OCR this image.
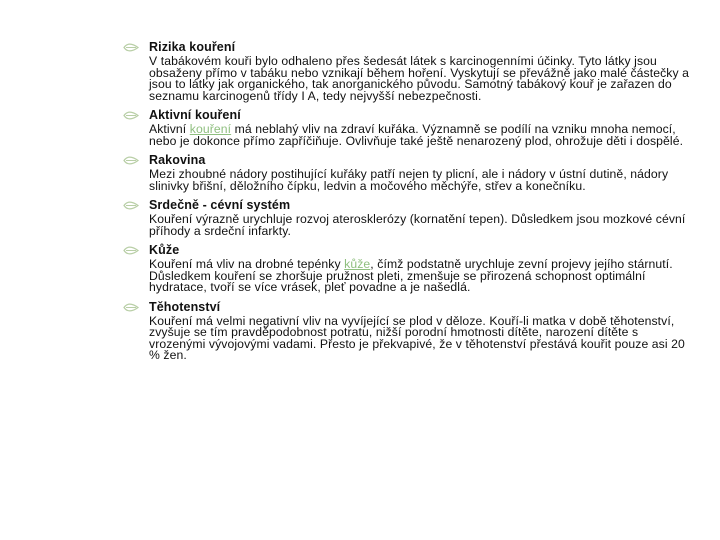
Rizika kouření
V tabákovém kouři bylo odhaleno přes šedesát látek s karcinogenními účinky. Tyto látky jsou obsaženy přímo v tabáku nebo vznikají během hoření. Vyskytují se převážně jako malé částečky a jsou to látky jak organického, tak anorganického původu. Samotný tabákový kouř je zařazen do seznamu karcinogenů třídy I A, tedy nejvyšší nebezpečnosti.
Aktivní kouření
Aktivní kouření má neblahý vliv na zdraví kuřáka. Významně se podílí na vzniku mnoha nemocí, nebo je dokonce přímo zapříčiňuje. Ovlivňuje také ještě nenarozený plod, ohrožuje děti i dospělé.
Rakovina
Mezi zhoubné nádory postihující kuřáky patří nejen ty plicní, ale i nádory v ústní dutině, nádory slinivky břišní, děložního čípku, ledvin a močového měchýře, střev a konečníku.
Srdečně - cévní systém
Kouření výrazně urychluje rozvoj aterosklerózy (kornatění tepen). Důsledkem jsou mozkové cévní příhody a srdeční infarkty.
Kůže
Kouření má vliv na drobné tepénky kůže, čímž podstatně urychluje zevní projevy jejího stárnutí. Důsledkem kouření se zhoršuje pružnost pleti, zmenšuje se přirozená schopnost optimální hydratace, tvoří se více vrásek, pleť povadne a je našedlá.
Těhotenství
Kouření má velmi negativní vliv na vyvíjející se plod v děloze. Kouří-li matka v době těhotenství, zvyšuje se tím pravděpodobnost potratu, nižší porodní hmotnosti dítěte, narození dítěte s vrozenými vývojovými vadami. Přesto je překvapivé, že v těhotenství přestává kouřit pouze asi 20 % žen.
